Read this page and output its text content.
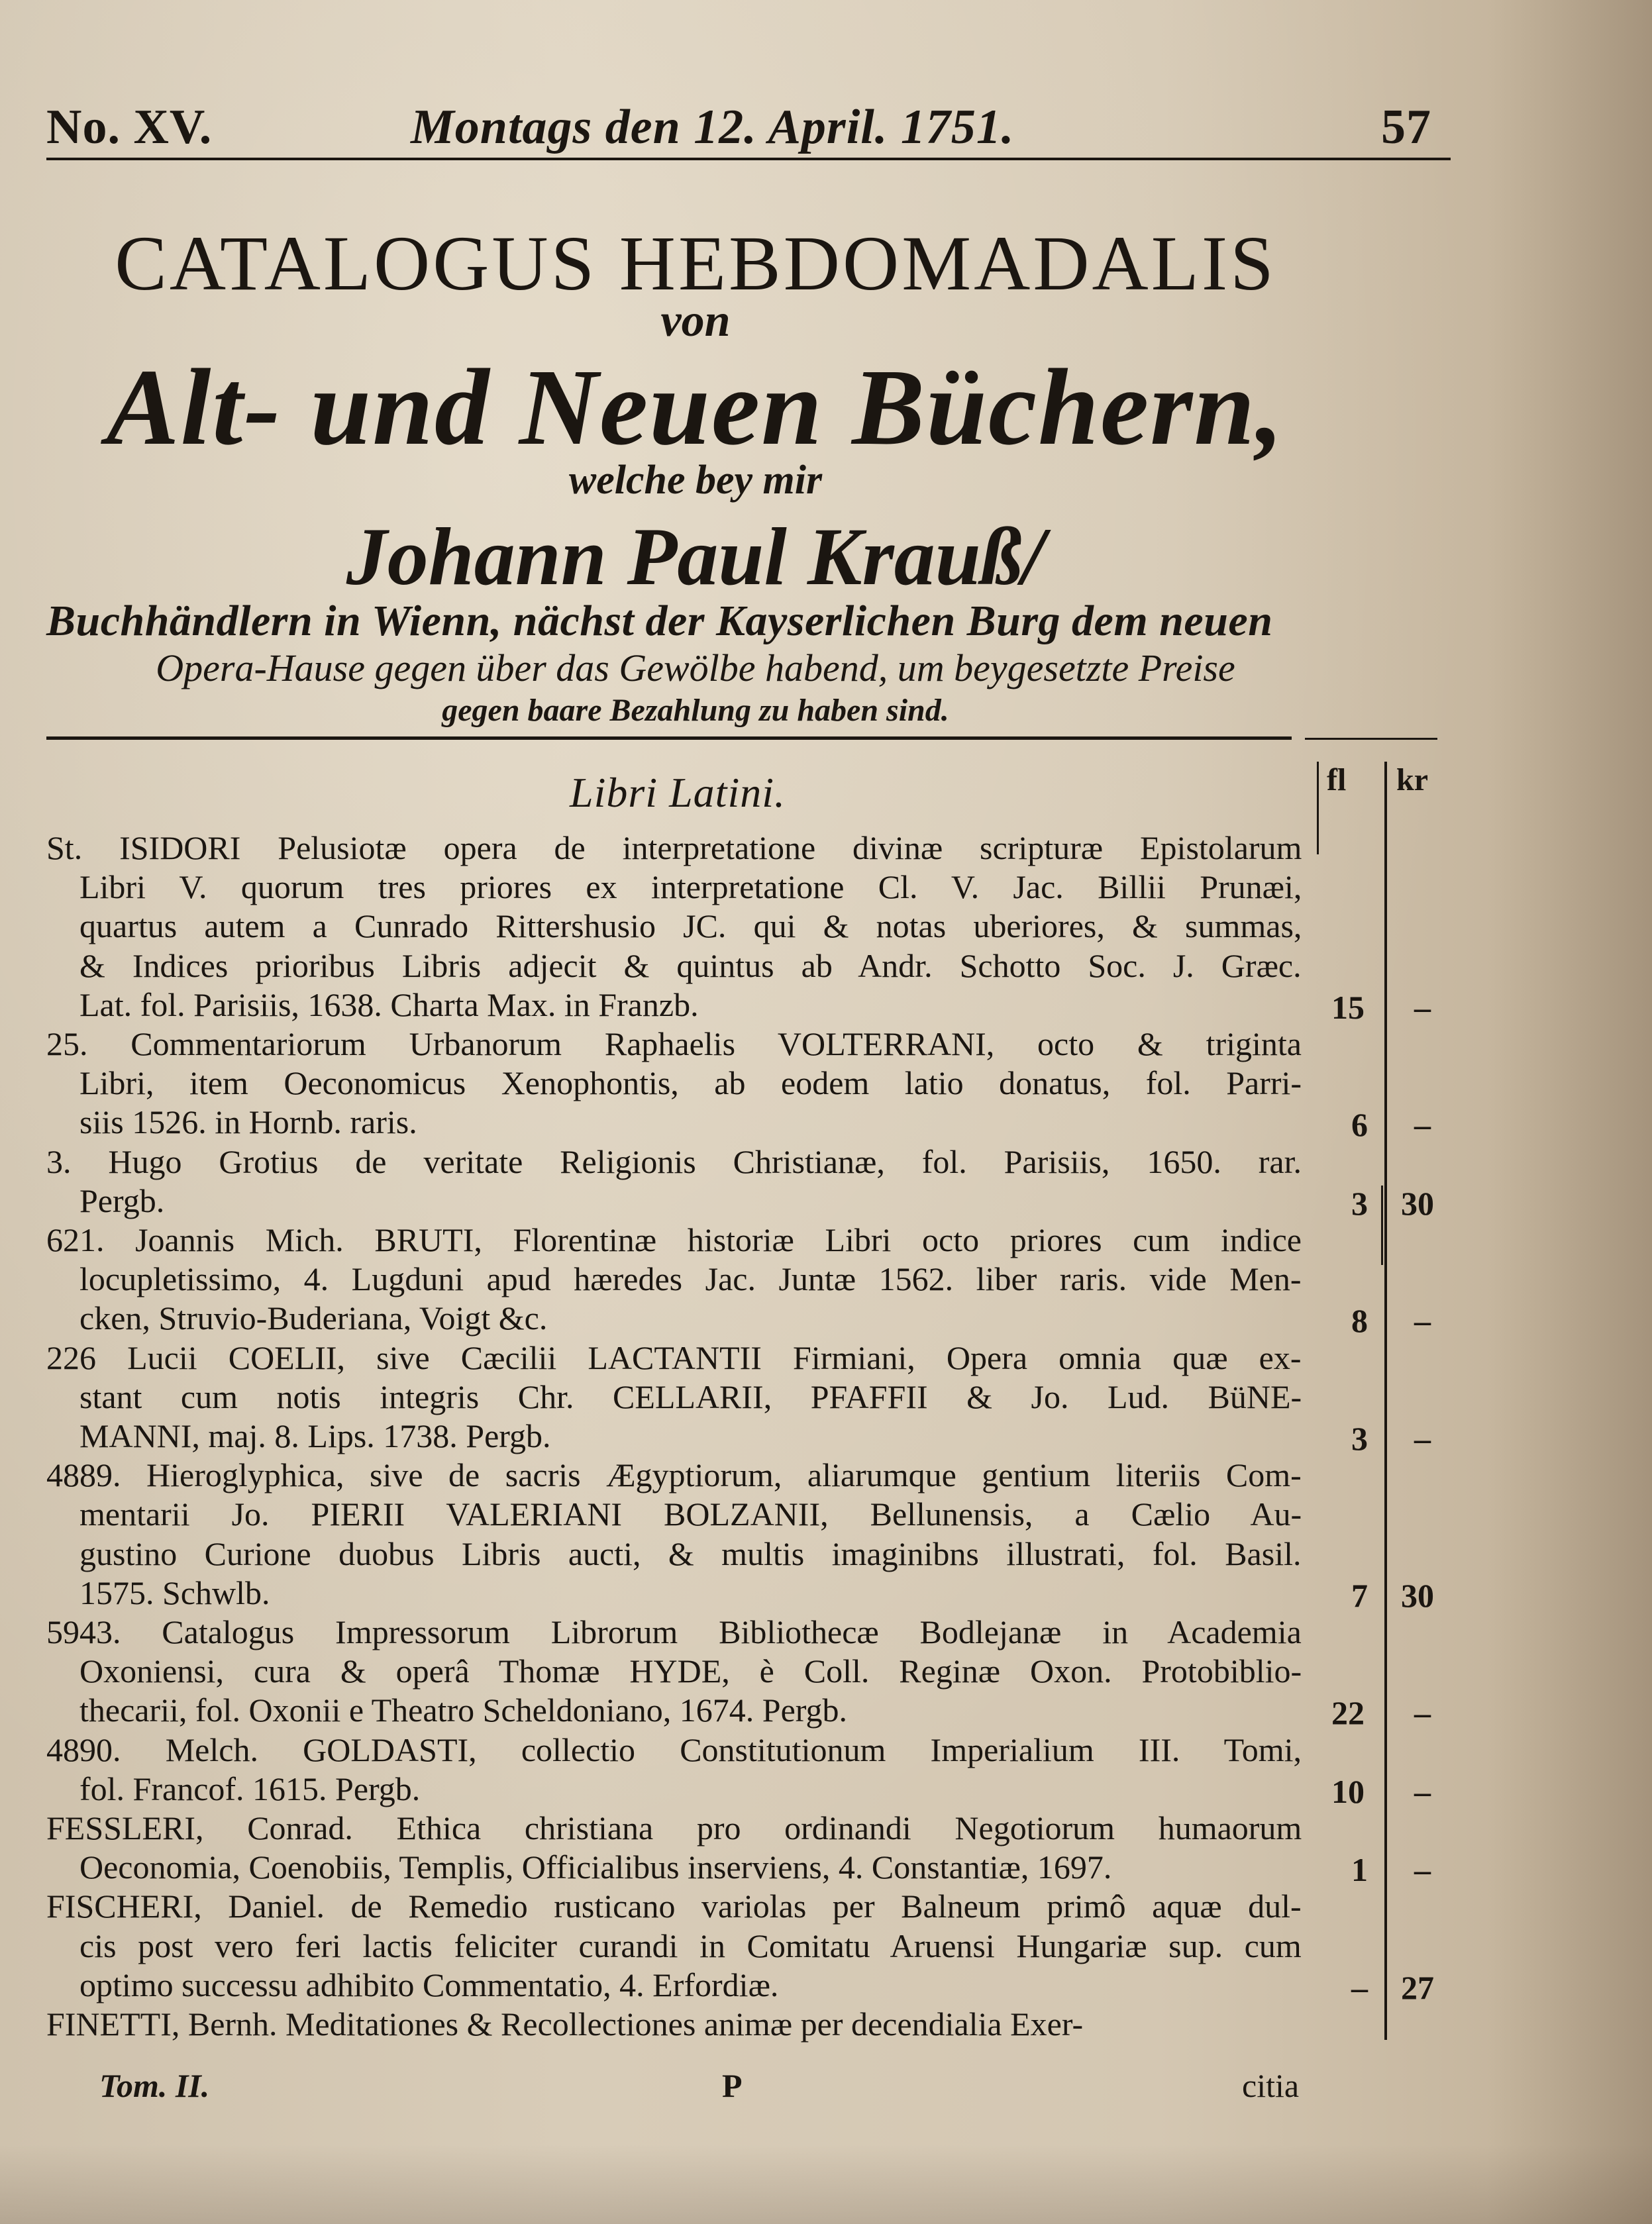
No. XV.	Montags den 12. April. 1751.	57
CATALOGUS HEBDOMADALIS
von
Alt- und Neuen Büchern,
welche bey mir
Johann Paul Krauß/
Buchhändlern in Wienn, nächst der Kayserlichen Burg dem neuen
Opera-Hause gegen über das Gewölbe habend, um beygesetzte Preise
gegen baare Bezahlung zu haben sind.
Libri Latini.	fl kr
St. ISIDORI Pelusiotæ opera de interpretatione divinæ scripturæ Epistolarum
Libri V. quorum tres priores ex interpretatione Cl. V. Jac. Billii Prunæi,
quartus autem a Cunrado Rittershusio JC. qui & notas uberiores, & summas,
& Indices prioribus Libris adjecit & quintus ab Andr. Schotto Soc. J. Græc.
Lat. fol. Parisiis, 1638. Charta Max. in Franzb.	15 –
25. Commentariorum Urbanorum Raphaelis VOLTERRANI, octo & triginta
Libri, item Oeconomicus Xenophontis, ab eodem latio donatus, fol. Parri-
siis 1526. in Hornb. raris.	6 –
3. Hugo Grotius de veritate Religionis Christianæ, fol. Parisiis, 1650. rar.
Pergb.	3 30
621. Joannis Mich. BRUTI, Florentinæ historiæ Libri octo priores cum indice
locupletissimo, 4. Lugduni apud hæredes Jac. Juntæ 1562. liber raris. vide Men-
cken, Struvio-Buderiana, Voigt &c.	8 –
226 Lucii COELII, sive Cæcilii LACTANTII Firmiani, Opera omnia quæ ex-
stant cum notis integris Chr. CELLARII, PFAFFII & Jo. Lud. BüNE-
MANNI, maj. 8. Lips. 1738. Pergb.	3 –
4889. Hieroglyphica, sive de sacris Ægyptiorum, aliarumque gentium literiis Com-
mentarii Jo. PIERII VALERIANI BOLZANII, Bellunensis, a Cælio Au-
gustino Curione duobus Libris aucti, & multis imaginibns illustrati, fol. Basil.
1575. Schwlb.	7 30
5943. Catalogus Impressorum Librorum Bibliothecæ Bodlejanæ in Academia
Oxoniensi, cura & operâ Thomæ HYDE, è Coll. Reginæ Oxon. Protobiblio-
thecarii, fol. Oxonii e Theatro Scheldoniano, 1674. Pergb.	22 –
4890. Melch. GOLDASTI, collectio Constitutionum Imperialium III. Tomi,
fol. Francof. 1615. Pergb.	10 –
FESSLERI, Conrad. Ethica christiana pro ordinandi Negotiorum humaorum
Oeconomia, Coenobiis, Templis, Officialibus inserviens, 4. Constantiæ, 1697.	1 –
FISCHERI, Daniel. de Remedio rusticano variolas per Balneum primô aquæ dul-
cis post vero feri lactis feliciter curandi in Comitatu Aruensi Hungariæ sup. cum
optimo successu adhibito Commentatio, 4. Erfordiæ.	– 27
FINETTI, Bernh. Meditationes & Recollectiones animæ per decendialia Exer-
Tom. II.	P	citia
